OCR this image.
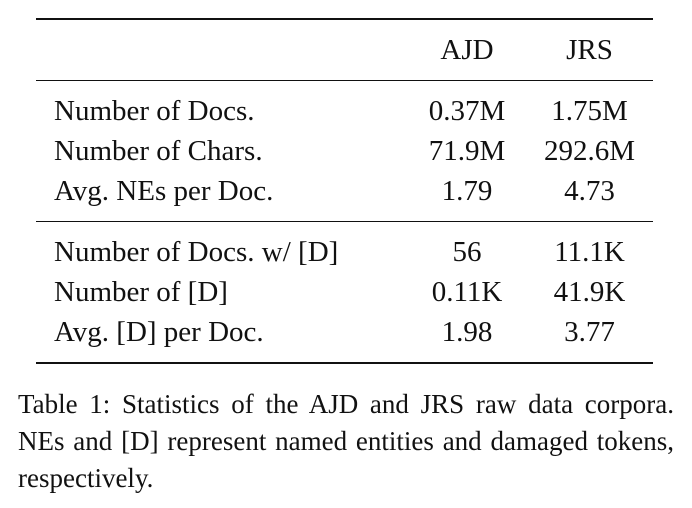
	AJD	JRS
Number of Docs.	0.37M	1.75M
Number of Chars.	71.9M	292.6M
Avg. NEs per Doc.	1.79	4.73
Number of Docs. w/ [D]	56	11.1K
Number of [D]	0.11K	41.9K
Avg. [D] per Doc.	1.98	3.77
Table 1: Statistics of the AJD and JRS raw data corpora. NEs and [D] represent named entities and damaged tokens, respectively.
